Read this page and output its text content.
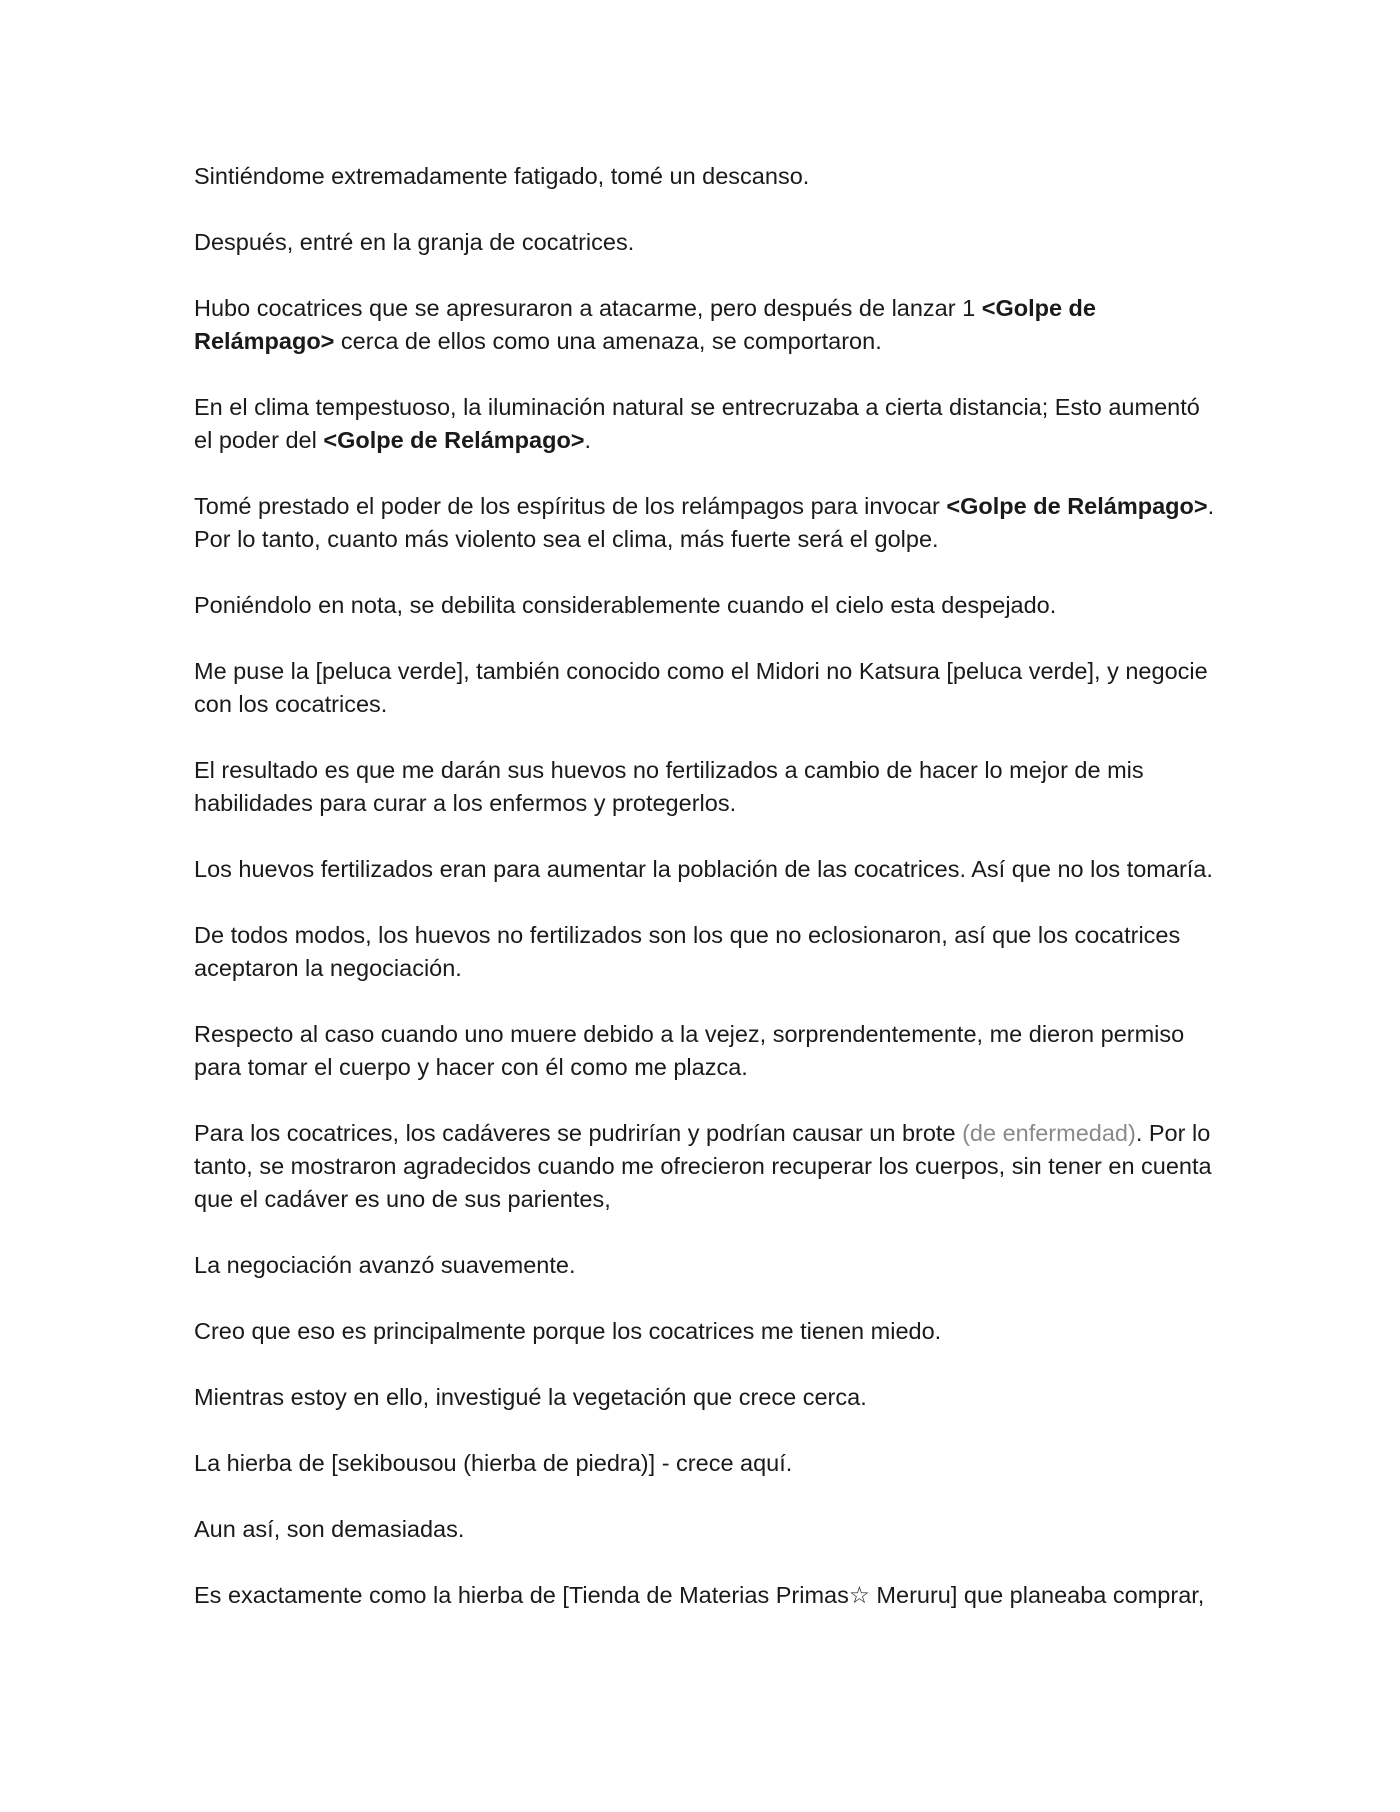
Sintiéndome extremadamente fatigado, tomé un descanso.

Después, entré en la granja de cocatrices.

Hubo cocatrices que se apresuraron a atacarme, pero después de lanzar 1 <Golpe de Relámpago> cerca de ellos como una amenaza, se comportaron.

En el clima tempestuoso, la iluminación natural se entrecruzaba a cierta distancia; Esto aumentó el poder del <Golpe de Relámpago>.

Tomé prestado el poder de los espíritus de los relámpagos para invocar <Golpe de Relámpago>. Por lo tanto, cuanto más violento sea el clima, más fuerte será el golpe.

Poniéndolo en nota, se debilita considerablemente cuando el cielo esta despejado.

Me puse la [peluca verde], también conocido como el Midori no Katsura [peluca verde], y negocie con los cocatrices.

El resultado es que me darán sus huevos no fertilizados a cambio de hacer lo mejor de mis habilidades para curar a los enfermos y protegerlos.

Los huevos fertilizados eran para aumentar la población de las cocatrices. Así que no los tomaría.

De todos modos, los huevos no fertilizados son los que no eclosionaron, así que los cocatrices aceptaron la negociación.

Respecto al caso cuando uno muere debido a la vejez, sorprendentemente, me dieron permiso para tomar el cuerpo y hacer con él como me plazca.

Para los cocatrices, los cadáveres se pudrirían y podrían causar un brote (de enfermedad). Por lo tanto, se mostraron agradecidos cuando me ofrecieron recuperar los cuerpos, sin tener en cuenta que el cadáver es uno de sus parientes,

La negociación avanzó suavemente.

Creo que eso es principalmente porque los cocatrices me tienen miedo.

Mientras estoy en ello, investigué la vegetación que crece cerca.

La hierba de [sekibousou (hierba de piedra)] - crece aquí.

Aun así, son demasiadas.

Es exactamente como la hierba de [Tienda de Materias Primas☆ Meruru] que planeaba comprar,
